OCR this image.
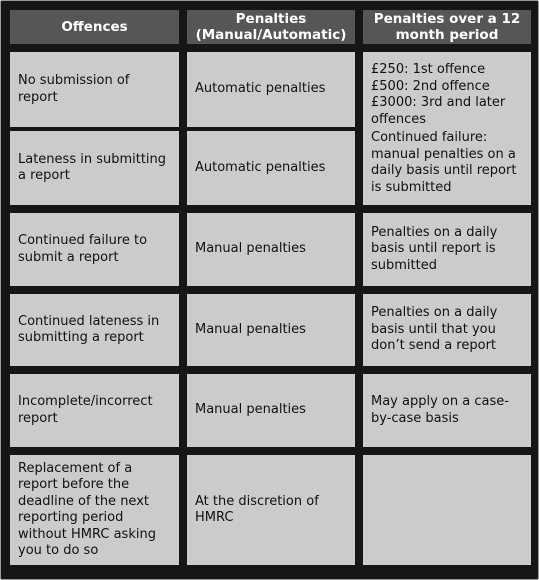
Offences	Penalties (Manual/Automatic)
Penalties over a 12 month period
No submission of report
Automatic penalties
£250: 1st offence
£500: 2nd offence
£3000: 3rd and later offences
Continued failure: manual penalties on a daily basis until report is submitted
Lateness in submitting a report
Automatic penalties
Continued failure to submit a report
Manual penalties
Penalties on a daily basis until report is submitted
Continued lateness in submitting a report
Manual penalties
Penalties on a daily basis until that you don’t send a report
Incomplete/incorrect report
Manual penalties
May apply on a case-by-case basis
Replacement of a report before the deadline of the next reporting period without HMRC asking you to do so
At the discretion of HMRC
